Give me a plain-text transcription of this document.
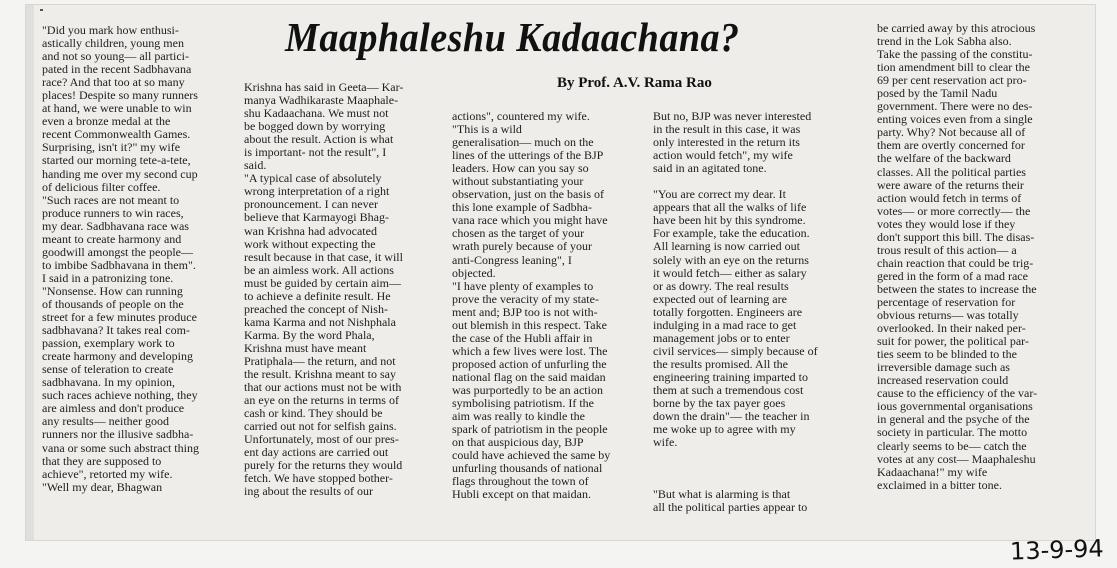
Maaphaleshu Kadaachana?
By Prof. A.V. Rama Rao
"Did you mark how enthusi-
astically children, young men
and not so young— all partici-
pated in the recent Sadbhavana
race? And that too at so many
places! Despite so many runners
at hand, we were unable to win
even a bronze medal at the
recent Commonwealth Games.
Surprising, isn't it?" my wife
started our morning tete-a-tete,
handing me over my second cup
of delicious filter coffee.
"Such races are not meant to
produce runners to win races,
my dear. Sadbhavana race was
meant to create harmony and
goodwill amongst the people—
to imbibe Sadbhavana in them".
I said in a patronizing tone.
"Nonsense. How can running
of thousands of people on the
street for a few minutes produce
sadbhavana? It takes real com-
passion, exemplary work to
create harmony and developing
sense of teleration to create
sadbhavana. In my opinion,
such races achieve nothing, they
are aimless and don't produce
any results— neither good
runners nor the illusive sadbha-
vana or some such abstract thing
that they are supposed to
achieve", retorted my wife.
"Well my dear, Bhagwan
Krishna has said in Geeta— Kar-
manya Wadhikaraste Maaphale-
shu Kadaachana. We must not
be bogged down by worrying
about the result. Action is what
is important- not the result", I
said.
"A typical case of absolutely
wrong interpretation of a right
pronouncement. I can never
believe that Karmayogi Bhag-
wan Krishna had advocated
work without expecting the
result because in that case, it will
be an aimless work. All actions
must be guided by certain aim—
to achieve a definite result. He
preached the concept of Nish-
kama Karma and not Nishphala
Karma. By the word Phala,
Krishna must have meant
Pratiphala— the return, and not
the result. Krishna meant to say
that our actions must not be with
an eye on the returns in terms of
cash or kind. They should be
carried out not for selfish gains.
Unfortunately, most of our pres-
ent day actions are carried out
purely for the returns they would
fetch. We have stopped bother-
ing about the results of our
actions", countered my wife.
"This is a wild
generalisation— much on the
lines of the utterings of the BJP
leaders. How can you say so
without substantiating your
observation, just on the basis of
this lone example of Sadbha-
vana race which you might have
chosen as the target of your
wrath purely because of your
anti-Congress leaning", I
objected.
"I have plenty of examples to
prove the veracity of my state-
ment and; BJP too is not with-
out blemish in this respect. Take
the case of the Hubli affair in
which a few lives were lost. The
proposed action of unfurling the
national flag on the said maidan
was purportedly to be an action
symbolising patriotism. If the
aim was really to kindle the
spark of patriotism in the people
on that auspicious day, BJP
could have achieved the same by
unfurling thousands of national
flags throughout the town of
Hubli except on that maidan.
But no, BJP was never interested
in the result in this case, it was
only interested in the return its
action would fetch", my wife
said in an agitated tone.

"You are correct my dear. It
appears that all the walks of life
have been hit by this syndrome.
For example, take the education.
All learning is now carried out
solely with an eye on the returns
it would fetch— either as salary
or as dowry. The real results
expected out of learning are
totally forgotten. Engineers are
indulging in a mad race to get
management jobs or to enter
civil services— simply because of
the results promised. All the
engineering training imparted to
them at such a tremendous cost
borne by the tax payer goes
down the drain"— the teacher in
me woke up to agree with my
wife.

"But what is alarming is that
all the political parties appear to
be carried away by this atrocious
trend in the Lok Sabha also.
Take the passing of the constitu-
tion amendment bill to clear the
69 per cent reservation act pro-
posed by the Tamil Nadu
government. There were no des-
enting voices even from a single
party. Why? Not because all of
them are overtly concerned for
the welfare of the backward
classes. All the political parties
were aware of the returns their
action would fetch in terms of
votes— or more correctly— the
votes they would lose if they
don't support this bill. The disas-
trous result of this action— a
chain reaction that could be trig-
gered in the form of a mad race
between the states to increase the
percentage of reservation for
obvious returns— was totally
overlooked. In their naked per-
suit for power, the political par-
ties seem to be blinded to the
irreversible damage such as
increased reservation could
cause to the efficiency of the var-
ious governmental organisations
in general and the psyche of the
society in particular. The motto
clearly seems to be— catch the
votes at any cost— Maaphaleshu
Kadaachana!" my wife
exclaimed in a bitter tone.
13-9-94
